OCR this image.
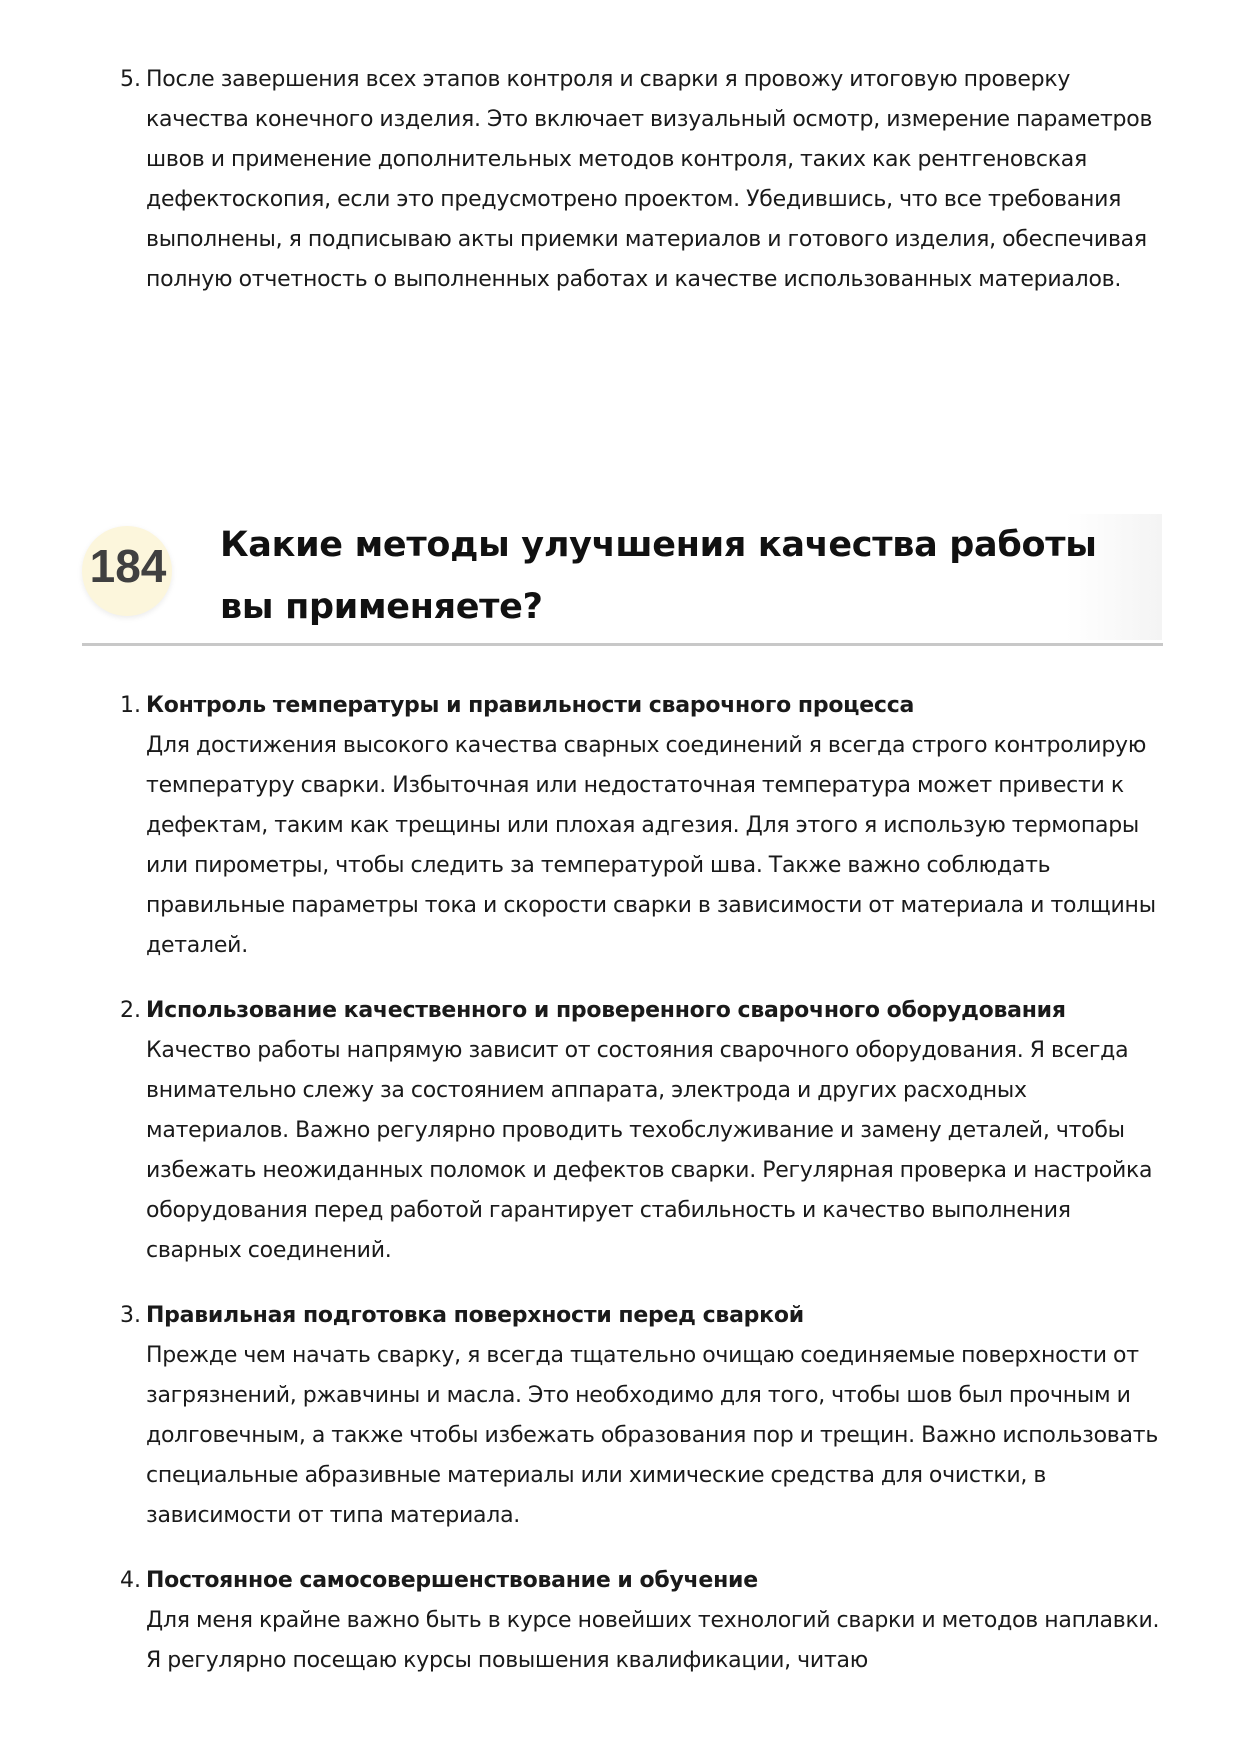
5. После завершения всех этапов контроля и сварки я провожу итоговую проверку качества конечного изделия. Это включает визуальный осмотр, измерение параметров швов и применение дополнительных методов контроля, таких как рентгеновская дефектоскопия, если это предусмотрено проектом. Убедившись, что все требования выполнены, я подписываю акты приемки материалов и готового изделия, обеспечивая полную отчетность о выполненных работах и качестве использованных материалов.
184	Какие методы улучшения качества работы вы применяете?
1. Контроль температуры и правильности сварочного процесса
Для достижения высокого качества сварных соединений я всегда строго контролирую температуру сварки. Избыточная или недостаточная температура может привести к дефектам, таким как трещины или плохая адгезия. Для этого я использую термопары или пирометры, чтобы следить за температурой шва. Также важно соблюдать правильные параметры тока и скорости сварки в зависимости от материала и толщины деталей.
2. Использование качественного и проверенного сварочного оборудования
Качество работы напрямую зависит от состояния сварочного оборудования. Я всегда внимательно слежу за состоянием аппарата, электрода и других расходных материалов. Важно регулярно проводить техобслуживание и замену деталей, чтобы избежать неожиданных поломок и дефектов сварки. Регулярная проверка и настройка оборудования перед работой гарантирует стабильность и качество выполнения сварных соединений.
3. Правильная подготовка поверхности перед сваркой
Прежде чем начать сварку, я всегда тщательно очищаю соединяемые поверхности от загрязнений, ржавчины и масла. Это необходимо для того, чтобы шов был прочным и долговечным, а также чтобы избежать образования пор и трещин. Важно использовать специальные абразивные материалы или химические средства для очистки, в зависимости от типа материала.
4. Постоянное самосовершенствование и обучение
Для меня крайне важно быть в курсе новейших технологий сварки и методов наплавки. Я регулярно посещаю курсы повышения квалификации, читаю
